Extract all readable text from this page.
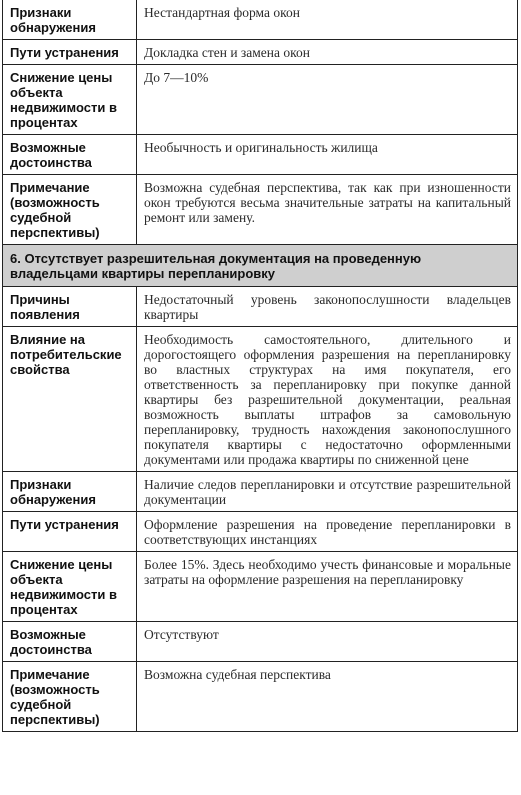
Признаки обнаружения	Нестандартная форма окон
Пути устранения	Докладка стен и замена окон
Снижение цены объекта недвижимости в процентах	До 7—10%
Возможные достоинства	Необычность и оригинальность жилища
Примечание (возможность судебной перспективы)	Возможна судебная перспектива, так как при изношенности окон требуются весьма значительные затраты на капитальный ремонт или замену.
6. Отсутствует разрешительная документация на проведенную владельцами квартиры перепланировку	
Причины появления	Недостаточный уровень законопослушности владельцев квартиры
Влияние на потребительские свойства	Необходимость самостоятельного, длительного и дорогостоящего оформления разрешения на перепланировку во властных структурах на имя покупателя, его ответственность за перепланировку при покупке данной квартиры без разрешительной документации, реальная возможность выплаты штрафов за самовольную перепланировку, трудность нахождения законопослушного покупателя квартиры с недостаточно оформленными документами или продажа квартиры по сниженной цене
Признаки обнаружения	Наличие следов перепланировки и отсутствие разрешительной документации
Пути устранения	Оформление разрешения на проведение перепланировки в соответствующих инстанциях
Снижение цены объекта недвижимости в процентах	Более 15%. Здесь необходимо учесть финансовые и моральные затраты на оформление разрешения на перепланировку
Возможные достоинства	Отсутствуют
Примечание (возможность судебной перспективы)	Возможна судебная перспектива
